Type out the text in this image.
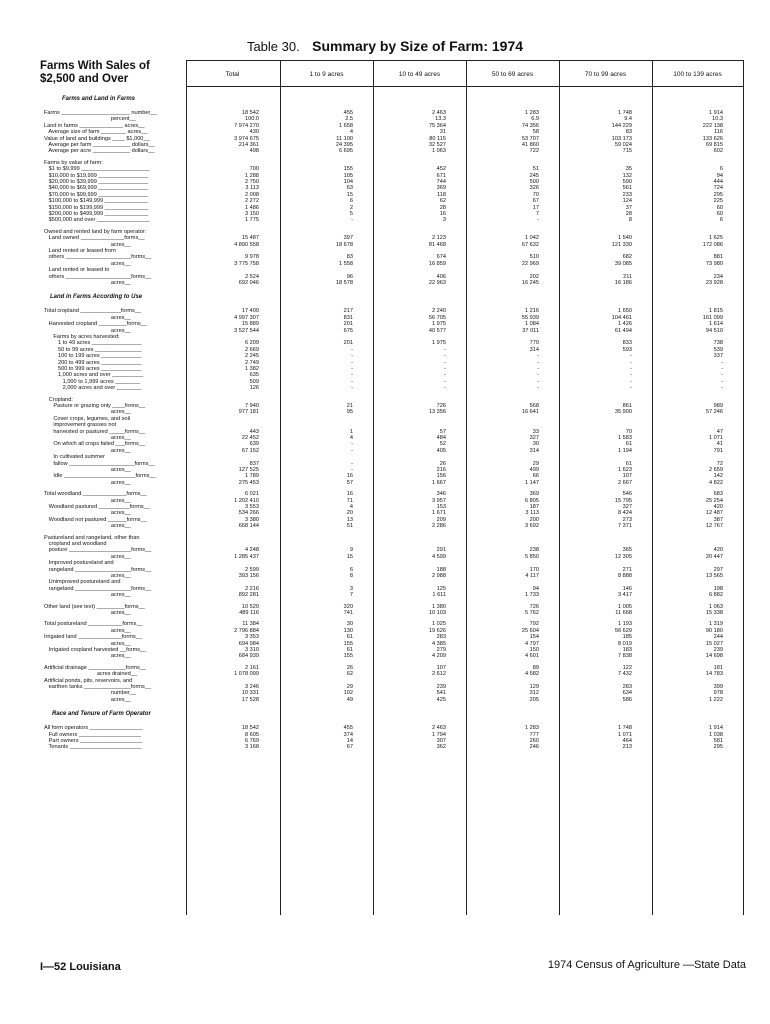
Table 30. Summary by Size of Farm: 1974
Farms With Sales of
$2,500 and Over	Total	1 to 9 acres	10 to 49 acres	50 to 69 acres	70 to 99 acres	100 to 139 acres
Farms and Land in Farms
Farms ______________________ number__	18 542	455	2 463	1 283	1 748	1 914
percent__	100.0	2.5	13.3	6.9	9.4	10.3
Land in farms ______________ acres__	7 974 270	1 658	75 364	74 356	144 229	222 138
Average size of farm ________ acres__	430	4	31	58	83	116
Value of land and buildings ____ $1,000__	3 974 675	11 100	80 115	53 707	103 173	133 626
Average per farm ____________ dollars__	214 361	24 395	32 527	41 860	59 024	69 815
Average per acre ____________ dollars__	498	6 695	1 063	722	715	602
Farms by value of farm:
$1 to $9,999 ______________________	700	155	452	51	35	6
$10,000 to $19,999 ________________	1 288	105	671	245	132	94
$20,000 to $39,999 ________________	2 750	104	744	500	590	444
$40,000 to $69,999 ________________	3 113	63	369	326	561	724
$70,000 to $99,999 ________________	2 008	15	118	70	233	295
$100,000 to $149,999 ______________	2 272	6	62	67	124	225
$150,000 to $199,999 ______________	1 486	2	28	17	37	60
$200,000 to $499,999 ______________	3 150	5	16	7	28	60
$500,000 and over _________________	1 775	-	3	-	8	6
Owned and rented land by farm operator:
Land owned ______________forms__	15 487	397	2 123	1 042	1 540	1 625
acres__	4 890 558	18 678	81 468	67 632	121 330	172 086
Land rented or leased from
others _____________________forms__	9 978	83	674	510	682	881
acres__	3 775 758	1 558	16 859	22 969	39 085	73 980
Land rented or leased to
others _____________________forms__	2 524	96	406	202	211	234
acres__	692 046	18 578	22 963	16 245	16 186	23 928
Land in Farms According to Use
Total cropland _____________forms__	17 400	217	2 240	1 216	1 650	1 815
acres__	4 997 307	831	56 705	55 939	104 461	161 099
Harvested cropland _________forms__	15 889	201	1 975	1 084	1 426	1 614
acres__	3 527 544	675	40 577	37 011	61 494	94 510
Farms by acres harvested:
1 to 49 acres ________________	6 209	201	1 975	770	833	738
50 to 99 acres _______________	2 669	-	-	314	593	539
100 to 199 acres _____________	2 245	-	-	-	-	337
200 to 499 acres _____________	2 749	-	-	-	-	-
500 to 999 acres _____________	1 382	-	-	-	-	-
1,000 acres and over __________	635	-	-	-	-	-
1,000 to 1,999 acres ________	509	-	-	-	-	-
2,000 acres and over ________	126	-	-	-	-	-
Cropland:
Pasture or grazing only ____forms__	7 940	21	726	568	861	989
acres__	977 181	95	13 356	16 641	35 900	57 246
Cover crops, legumes, and soil
improvement grasses not
harvested or pastured _____forms__	443	1	57	33	70	47
acres__	22 452	4	484	327	1 583	1 071
On which all crops failed ___forms__	639	-	52	30	61	41
acres__	67 152	-	405	314	1 194	791
In cultivated summer
fallow _____________________forms__	837	-	26	29	61	72
acres__	127 525	-	216	499	1 623	2 659
Idle _______________________forms__	1 789	16	156	66	107	142
acres__	275 453	57	1 667	1 147	2 667	4 822
Total woodland ______________forms__	6 021	16	346	369	546	683
acres__	1 202 410	71	3 957	6 805	15 795	25 254
Woodland pastured __________forms__	3 553	4	153	187	327	420
acres__	534 266	20	1 671	3 113	8 424	12 487
Woodland not pastured ______forms__	3 380	13	209	200	273	387
acres__	668 144	51	2 286	3 692	7 371	12 767
Pastureland and rangeland, other than
cropland and woodland
posture ____________________forms__	4 248	9	291	238	365	420
acres__	1 285 437	15	4 599	5 850	12 305	20 447
Improved postureland and
rangeland __________________forms__	2 599	6	188	170	271	297
acres__	393 156	8	2 988	4 117	8 888	13 565
Unimproved postureland and
rangeland __________________forms__	2 216	3	125	94	146	198
acres__	892 281	7	1 611	1 733	3 417	6 882
Other land (see text) _________forms__	10 520	320	1 380	726	1 005	1 063
acres__	489 116	741	10 103	5 762	11 668	15 338
Total postureland ___________forms__	11 384	30	1 025	792	1 193	1 319
acres__	2 796 884	130	19 626	25 604	56 629	90 180
Irrigated land ______________forms__	3 353	61	283	154	185	244
acres__	694 984	155	4 385	4 797	8 019	15 027
Irrigated cropland harvested __forms__	3 310	61	279	150	183	239
acres__	684 939	155	4 209	4 601	7 838	14 698
Artificial drainage ____________forms__	2 161	26	107	89	122	181
acres drained__	1 078 099	62	2 612	4 582	7 432	14 783
Artificial ponds, pits, reservoirs, and
earthen tanks _______________forms__	3 246	29	239	129	283	399
number__	10 331	102	541	312	634	978
acres__	17 528	49	425	205	586	1 222
Race and Tenure of Farm Operator
All form operators _________________	18 542	455	2 463	1 283	1 748	1 914
Full owners ____________________	8 605	374	1 794	777	1 071	1 038
Part owners ____________________	6 769	14	307	260	464	581
Tenants _______________________	3 168	67	362	246	213	295
I—52 Louisiana	1974 Census of Agriculture —State Data
